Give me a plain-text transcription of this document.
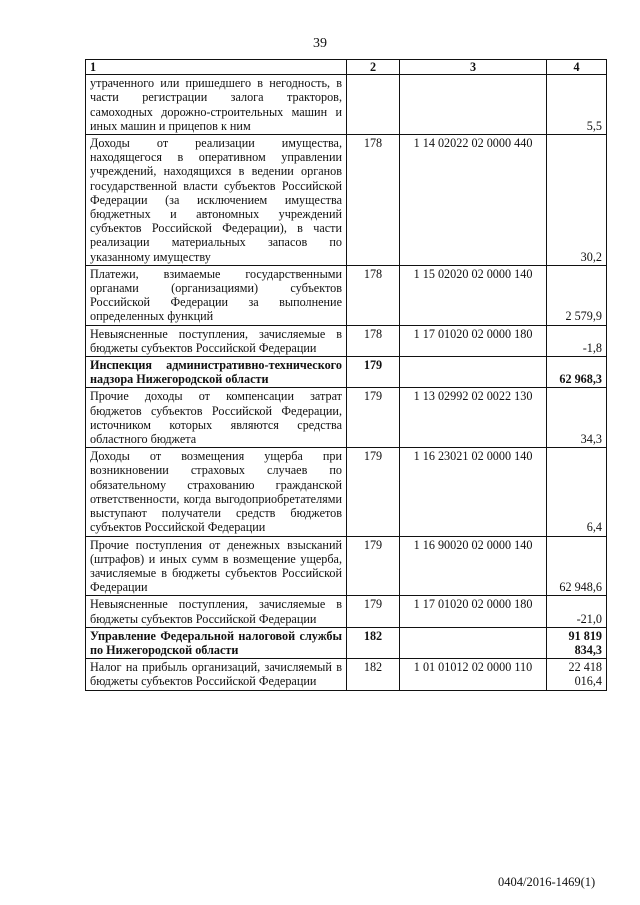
39
1	2	3	4
утраченного или пришедшего в негодность, в части регистрации залога тракторов, самоходных дорожно-строительных машин и иных машин и прицепов к ним			5,5
Доходы от реализации имущества, находящегося в оперативном управлении учреждений, находящихся в ведении органов государственной власти субъектов Российской Федерации (за исключением имущества бюджетных и автономных учреждений субъектов Российской Федерации), в части реализации материальных запасов по указанному имуществу	178	1 14 02022 02 0000 440	30,2
Платежи, взимаемые государственными органами (организациями) субъектов Российской Федерации за выполнение определенных функций	178	1 15 02020 02 0000 140	2 579,9
Невыясненные поступления, зачисляемые в бюджеты субъектов Российской Федерации	178	1 17 01020 02 0000 180	-1,8
Инспекция административно-технического надзора Нижегородской области	179		62 968,3
Прочие доходы от компенсации затрат бюджетов субъектов Российской Федерации, источником которых являются средства областного бюджета	179	1 13 02992 02 0022 130	34,3
Доходы от возмещения ущерба при возникновении страховых случаев по обязательному страхованию гражданской ответственности, когда выгодоприобретателями выступают получатели средств бюджетов субъектов Российской Федерации	179	1 16 23021 02 0000 140	6,4
Прочие поступления от денежных взысканий (штрафов) и иных сумм в возмещение ущерба, зачисляемые в бюджеты субъектов Российской Федерации	179	1 16 90020 02 0000 140	62 948,6
Невыясненные поступления, зачисляемые в бюджеты субъектов Российской Федерации	179	1 17 01020 02 0000 180	-21,0
Управление Федеральной налоговой службы по Нижегородской области	182		91 819 834,3
Налог на прибыль организаций, зачисляемый в бюджеты субъектов Российской Федерации	182	1 01 01012 02 0000 110	22 418 016,4
0404/2016-1469(1)
